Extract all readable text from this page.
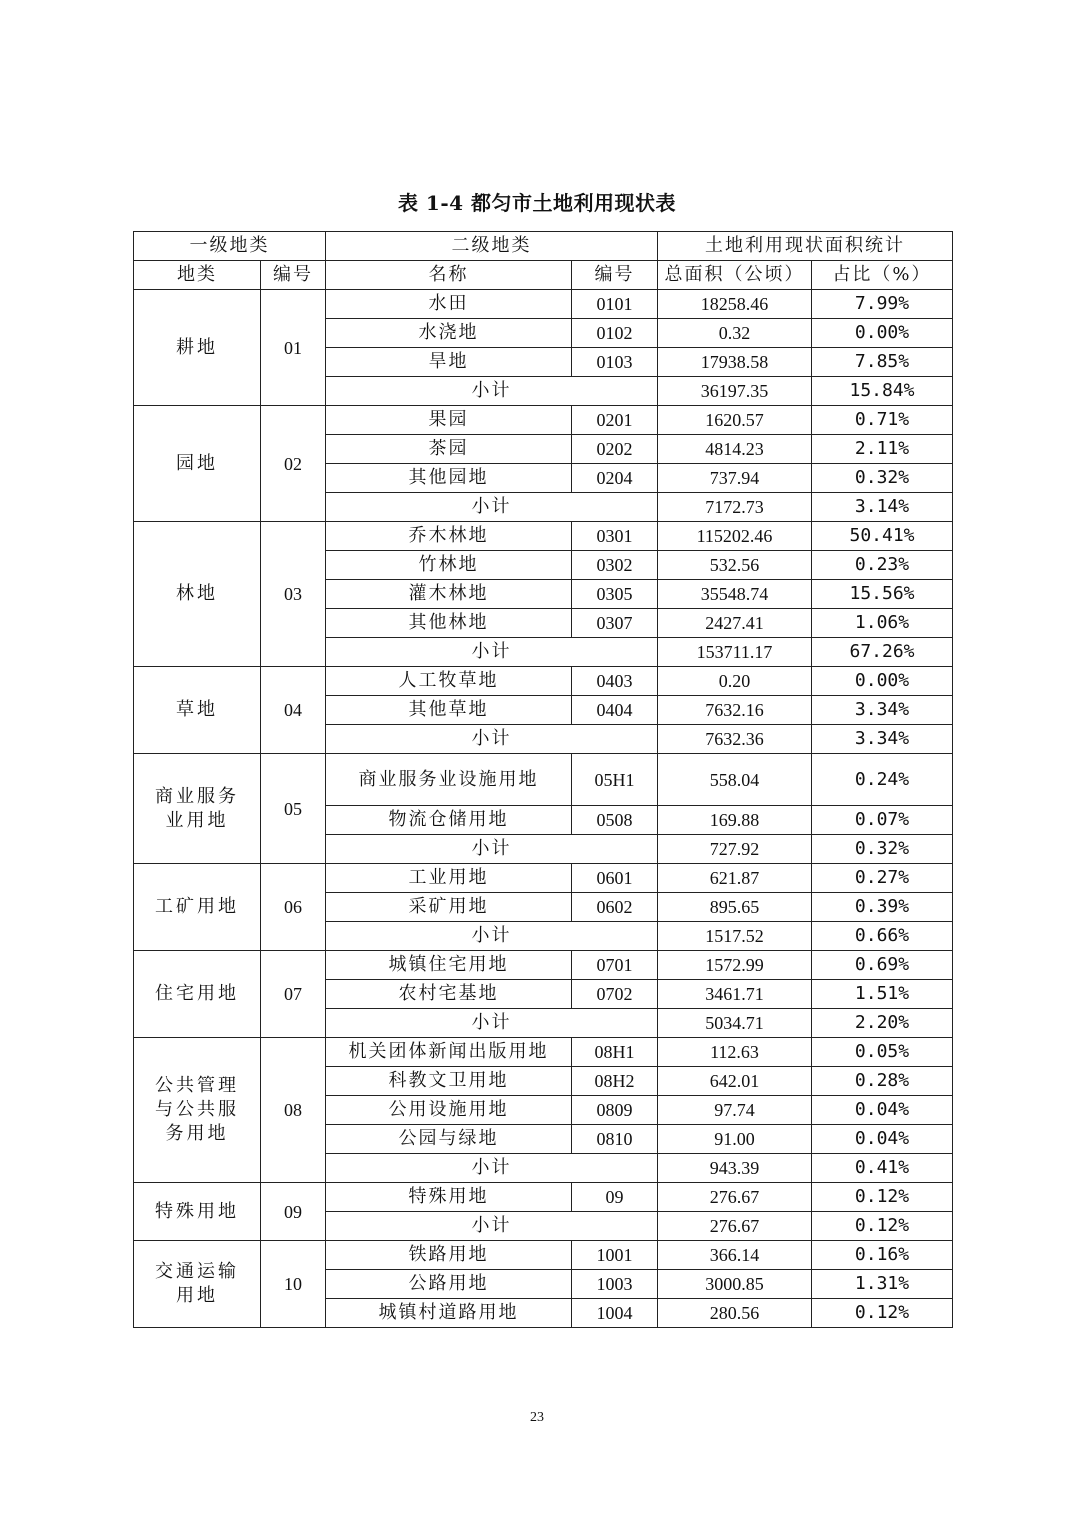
表 1-4 都匀市土地利用现状表
一级地类		二级地类		土地利用现状面积统计	
地类	编号	名称	编号	总面积（公顷）	占比（%）
耕地	01	水田	0101	18258.46	7.99%
		水浇地	0102	0.32	0.00%
		旱地	0103	17938.58	7.85%
		小计		36197.35	15.84%
园地	02	果园	0201	1620.57	0.71%
		茶园	0202	4814.23	2.11%
		其他园地	0204	737.94	0.32%
		小计		7172.73	3.14%
林地	03	乔木林地	0301	115202.46	50.41%
		竹林地	0302	532.56	0.23%
		灌木林地	0305	35548.74	15.56%
		其他林地	0307	2427.41	1.06%
		小计		153711.17	67.26%
草地	04	人工牧草地	0403	0.20	0.00%
		其他草地	0404	7632.16	3.34%
		小计		7632.36	3.34%
商业服务
业用地	05	商业服务业设施用地	05H1	558.04	0.24%
		物流仓储用地	0508	169.88	0.07%
		小计		727.92	0.32%
工矿用地	06	工业用地	0601	621.87	0.27%
		采矿用地	0602	895.65	0.39%
		小计		1517.52	0.66%
住宅用地	07	城镇住宅用地	0701	1572.99	0.69%
		农村宅基地	0702	3461.71	1.51%
		小计		5034.71	2.20%
公共管理
与公共服
务用地	08	机关团体新闻出版用地	08H1	112.63	0.05%
		科教文卫用地	08H2	642.01	0.28%
		公用设施用地	0809	97.74	0.04%
		公园与绿地	0810	91.00	0.04%
		小计		943.39	0.41%
特殊用地	09	特殊用地	09	276.67	0.12%
		小计		276.67	0.12%
交通运输
用地	10	铁路用地	1001	366.14	0.16%
		公路用地	1003	3000.85	1.31%
		城镇村道路用地	1004	280.56	0.12%
23
